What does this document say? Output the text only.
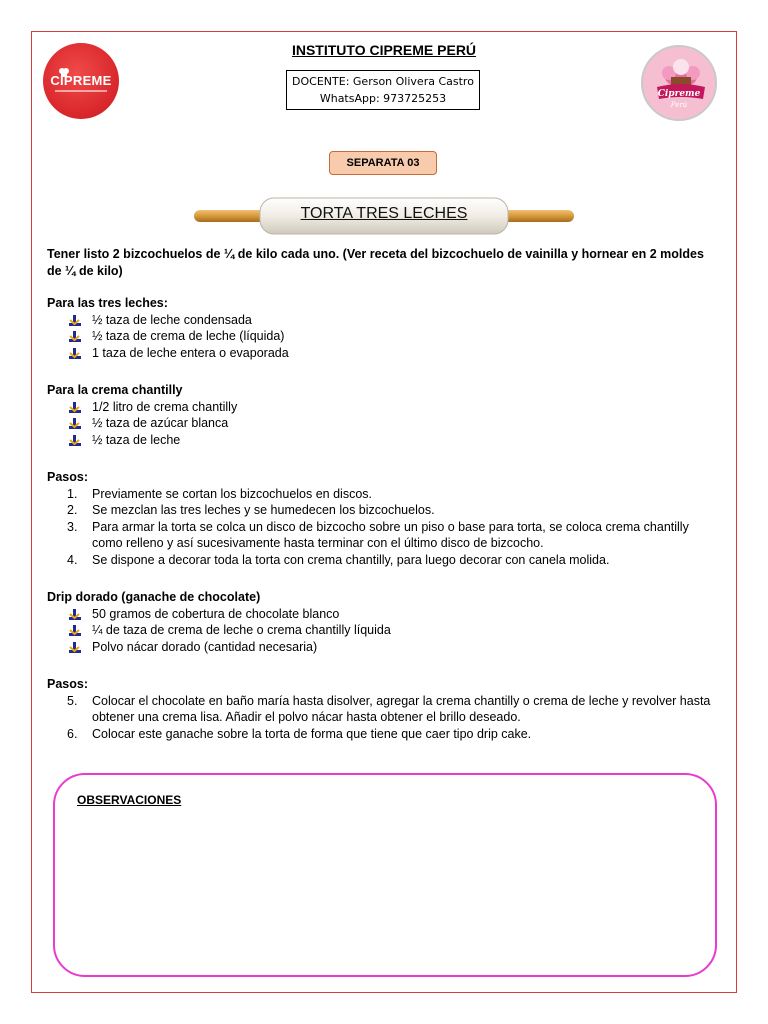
CIPREME
INSTITUTO CIPREME PERÚ
DOCENTE: Gerson Olivera Castro
WhatsApp: 973725253	Cipreme
Perú
SEPARATA 03
TORTA TRES LECHES

Tener listo 2 bizcochuelos de ¼ de kilo cada uno. (Ver receta del bizcochuelo de vainilla y hornear en 2 moldes de ¼ de kilo)

Para las tres leches:

½ taza de leche condensada
½ taza de crema de leche (líquida)
1 taza de leche entera o evaporada

Para la crema chantilly

1/2 litro de crema chantilly
½ taza de azúcar blanca
½ taza de leche

Pasos:

1. Previamente se cortan los bizcochuelos en discos.
2. Se mezclan las tres leches y se humedecen los bizcochuelos.
3. Para armar la torta se colca un disco de bizcocho sobre un piso o base para torta, se coloca crema chantilly como relleno y así sucesivamente hasta terminar con el último disco de bizcocho.
4. Se dispone a decorar toda la torta con crema chantilly, para luego decorar con canela molida.

Drip dorado (ganache de chocolate)

50 gramos de cobertura de chocolate blanco
¼ de taza de crema de leche o crema chantilly líquida
Polvo nácar dorado (cantidad necesaria)

Pasos:

5. Colocar el chocolate en baño maría hasta disolver, agregar la crema chantilly o crema de leche y revolver hasta obtener una crema lisa. Añadir el polvo nácar hasta obtener el brillo deseado.
6. Colocar este ganache sobre la torta de forma que tiene que caer tipo drip cake.
OBSERVACIONES
